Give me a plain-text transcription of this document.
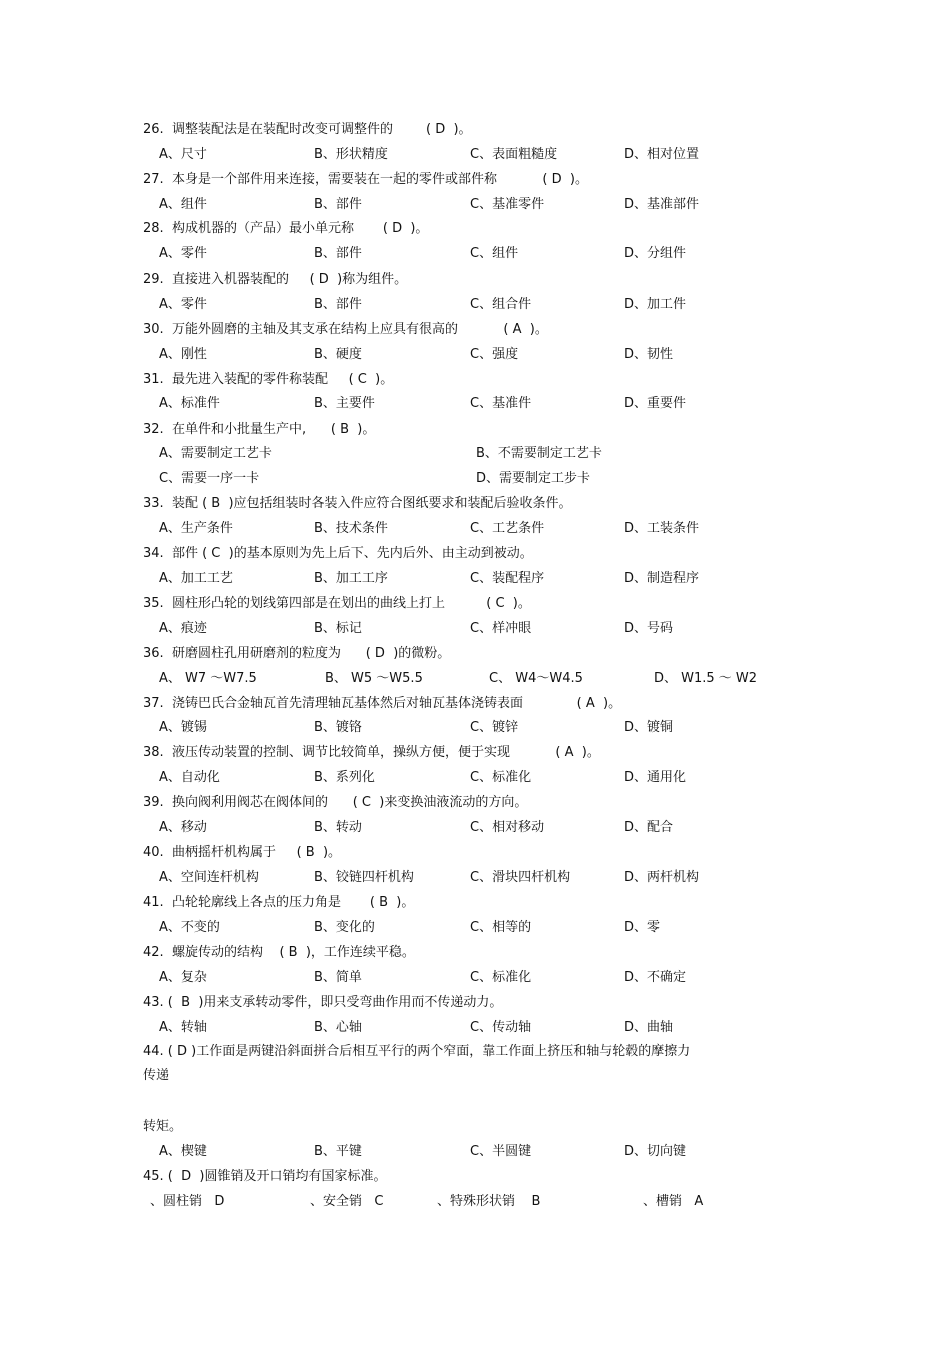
26.  调整装配法是在装配时改变可调整件的        ( D  )。
A、尺寸	B、形状精度	C、表面粗糙度	D、相对位置
27.  本身是一个部件用来连接，需要装在一起的零件或部件称           ( D  )。
A、组件	B、部件	C、基准零件	D、基准部件
28.  构成机器的（产品）最小单元称       ( D  )。
A、零件	B、部件	C、组件	D、分组件
29.  直接进入机器装配的     ( D  )称为组件。
A、零件	B、部件	C、组合件	D、加工件
30.  万能外圆磨的主轴及其支承在结构上应具有很高的           ( A  )。
A、刚性	B、硬度	C、强度	D、韧性
31.  最先进入装配的零件称装配     ( C  )。
A、标准件	B、主要件	C、基准件	D、重要件
32.  在单件和小批量生产中,      ( B  )。
A、需要制定工艺卡	B、不需要制定工艺卡
C、需要一序一卡	D、需要制定工步卡
33.  装配 ( B  )应包括组装时各装入件应符合图纸要求和装配后验收条件。
A、生产条件	B、技术条件	C、工艺条件	D、工装条件
34.  部件 ( C  )的基本原则为先上后下、先内后外、由主动到被动。
A、加工工艺	B、加工工序	C、装配程序	D、制造程序
35.  圆柱形凸轮的划线第四部是在划出的曲线上打上          ( C  )。
A、痕迹	B、标记	C、样冲眼	D、号码
36.  研磨圆柱孔用研磨剂的粒度为      ( D  )的微粉。
A、 W7 ～W7.5	B、 W5 ～W5.5	C、 W4～W4.5	D、 W1.5 ～ W2
37.  浇铸巴氏合金轴瓦首先清理轴瓦基体然后对轴瓦基体浇铸表面             ( A  )。
A、镀锡	B、镀铬	C、镀锌	D、镀铜
38.  液压传动装置的控制、调节比较简单，操纵方便，便于实现           ( A  )。
A、自动化	B、系列化	C、标准化	D、通用化
39.  换向阀利用阀芯在阀体间的      ( C  )来变换油液流动的方向。
A、移动	B、转动	C、相对移动	D、配合
40.  曲柄摇杆机构属于     ( B  )。
A、空间连杆机构	B、铰链四杆机构	C、滑块四杆机构	D、两杆机构
41.  凸轮轮廓线上各点的压力角是       ( B  )。
A、不变的	B、变化的	C、相等的	D、零
42.  螺旋传动的结构    ( B  )，工作连续平稳。
A、复杂	B、简单	C、标准化	D、不确定
43. (  B  )用来支承转动零件，即只受弯曲作用而不传递动力。
A、转轴	B、心轴	C、传动轴	D、曲轴
44. ( D )工作面是两键沿斜面拼合后相互平行的两个窄面，靠工作面上挤压和轴与轮毂的摩擦力
传递
转矩。
A、楔键	B、平键	C、半圆键	D、切向键
45. (  D  )圆锥销及开口销均有国家标准。
、圆柱销   D	、安全销   C	、特殊形状销    B	、槽销   A
